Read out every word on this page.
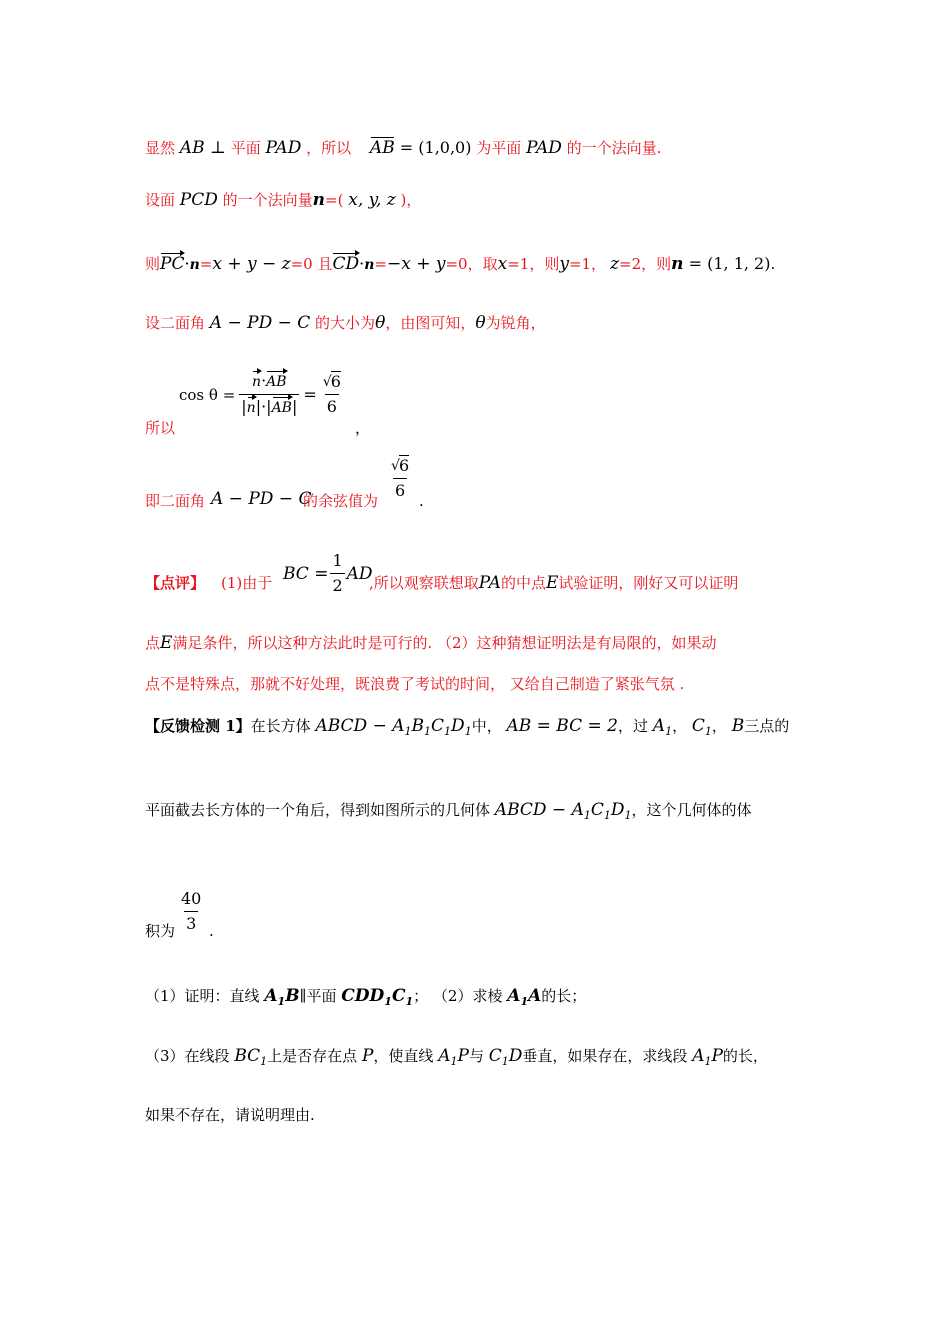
显然 AB ⊥ 平面 PAD ，所以 AB = (1,0,0) 为平面 PAD 的一个法向量.
设面 PCD 的一个法向量n=( x, y, z )，
则PC·n=x + y − z=0 且CD·n=−x + y=0，取x=1，则y=1， z=2，则n = (1, 1, 2).
设二面角 A − PD − C 的大小为θ，由图可知，θ为锐角，
$\cos \theta = \frac{n\cdot AB}{|n|\cdot|AB|} = \frac{√ 6}{6}$
所以	，
即二面角 A − PD − C
的余弦值为 $\frac{√ 6}{6}$ .
【点评】 (1)由于 BC = $\frac{1}{2}$ AD
,所以观察联想取PA的中点E试验证明，刚好又可以证明
点E满足条件，所以这种方法此时是可行的. （2）这种猜想证明法是有局限的，如果动
点不是特殊点，那就不好处理，既浪费了考试的时间， 又给自己制造了紧张气氛 .
【反馈检测 1】在长方体 ABCD − $A_1B_1C_1D_1$中， AB = BC = 2，过 $A_1$， $C_1$， B三点的
平面截去长方体的一个角后，得到如图所示的几何体 ABCD − $A_1C_1D_1$，这个几何体的体
$\frac{40}{3}$
积为 .
（1）证明：直线 $A_1B\parallel$平面 $CDD_1C_1$； （2）求棱 $A_1A$的长；
（3）在线段 $BC_1$上是否存在点 P，使直线 $A_1P$与 $C_1D$垂直，如果存在，求线段 $A_1P$的长，
如果不存在，请说明理由.
